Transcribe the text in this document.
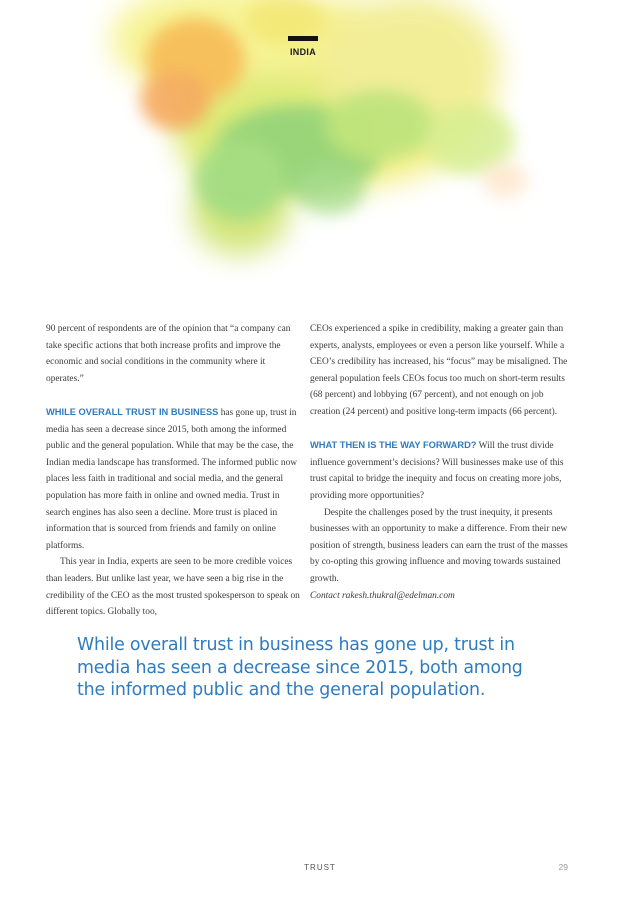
INDIA

90 percent of respondents are of the opinion that “a company can take specific actions that both increase profits and improve the economic and social conditions in the community where it operates.”

WHILE OVERALL TRUST IN BUSINESS has gone up, trust in media has seen a decrease since 2015, both among the informed public and the general population. While that may be the case, the Indian media landscape has transformed. The informed public now places less faith in traditional and social media, and the general population has more faith in online and owned media. Trust in search engines has also seen a decline. More trust is placed in information that is sourced from friends and family on online platforms.

This year in India, experts are seen to be more credible voices than leaders. But unlike last year, we have seen a big rise in the credibility of the CEO as the most trusted spokesperson to speak on different topics. Globally too,

CEOs experienced a spike in credibility, making a greater gain than experts, analysts, employees or even a person like yourself. While a CEO’s credibility has increased, his “focus” may be misaligned. The general population feels CEOs focus too much on short-term results (68 percent) and lobbying (67 percent), and not enough on job creation (24 percent) and positive long-term impacts (66 percent).

WHAT THEN IS THE WAY FORWARD? Will the trust divide influence government’s decisions? Will businesses make use of this trust capital to bridge the inequity and focus on creating more jobs, providing more opportunities?

Despite the challenges posed by the trust inequity, it presents businesses with an opportunity to make a difference. From their new position of strength, business leaders can earn the trust of the masses by co-opting this growing influence and moving towards sustained growth.

Contact rakesh.thukral@edelman.com

While overall trust in business has gone up, trust in media has seen a decrease since 2015, both among the informed public and the general population.
TRUST	29
